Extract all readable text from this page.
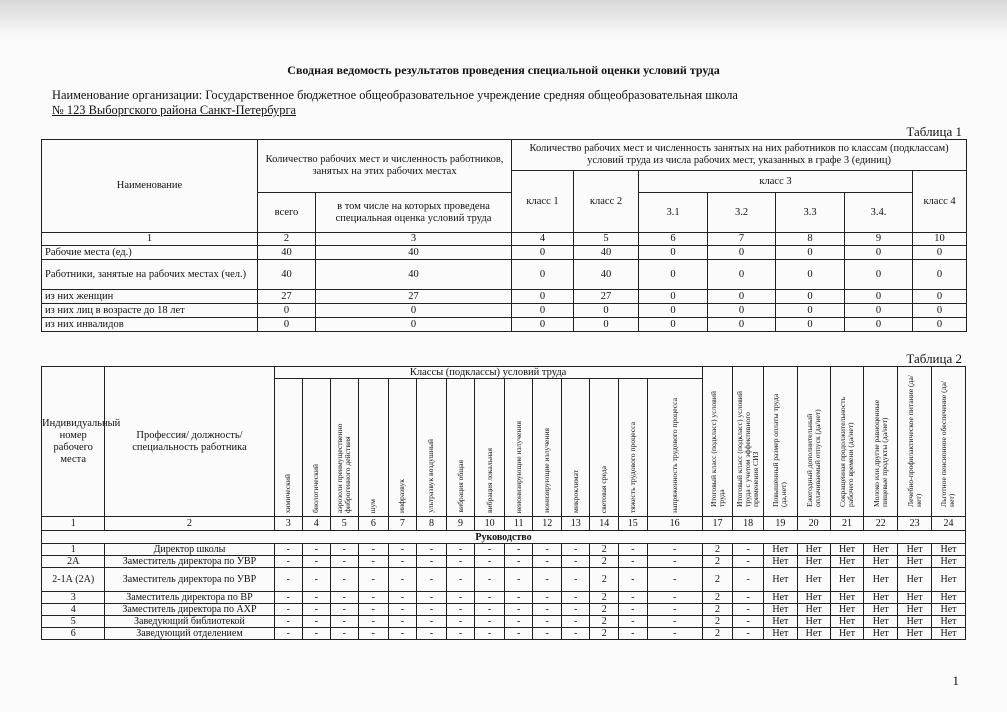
Сводная ведомость результатов проведения специальной оценки условий труда
Наименование организации: Государственное бюджетное общеобразовательное учреждение средняя общеобразовательная школа
№ 123 Выборгского района Санкт-Петербурга
Таблица 1
Наименование	Количество рабочих мест и численность работников, занятых на этих рабочих местах		Количество рабочих мест и численность занятых на них работников по классам (подклассам) условий труда из числа рабочих мест, указанных в графе 3 (единиц)						
			класс 1	класс 2	класс 3				класс 4
	всего	в том числе на которых проведена специальная оценка условий труда			3.1	3.2	3.3	3.4.	
1	2	3	4	5	6	7	8	9	10
Рабочие места (ед.)	40	40	0	40	0	0	0	0	0
Работники, занятые на рабочих местах (чел.)	40	40	0	40	0	0	0	0	0
из них женщин	27	27	0	27	0	0	0	0	0
из них лиц в возрасте до 18 лет	0	0	0	0	0	0	0	0	0
из них инвалидов	0	0	0	0	0	0	0	0	0
Таблица 2
Индивидуальный номер рабочего места	Профессия/ должность/ специальность работника	Классы (подклассы) условий труда														Итоговый класс (подкласс) условий труда	Итоговый класс (подкласс) условий труда с учетом эффективного применения СИЗ	Повышенный размер оплаты труда (да,нет)	Ежегодный дополнительный оплачиваемый отпуск (да/нет)	Сокращенная продолжительность рабочего времени (да/нет)	Молоко или другие равноценные пищевые продукты (да/нет)	Лечебно-профилактическое питание (да/нет)	Льготное пенсионное обеспечение (да/нет)
		химический	биологический	аэрозоли преимущественно фиброгенного действия	шум	инфразвук	ультразвук воздушный	вибрация общая	вибрация локальная	неионизирующие излучения	ионизирующие излучения	микроклимат	световая среда	тяжесть трудового процесса	напряженность трудового процесса								
1	2	3	4	5	6	7	8	9	10	11	12	13	14	15	16	17	18	19	20	21	22	23	24
Руководство																							
1	Директор школы	-	-	-	-	-	-	-	-	-	-	-	2	-	-	2	-	Нет	Нет	Нет	Нет	Нет	Нет
2А	Заместитель директора по УВР	-	-	-	-	-	-	-	-	-	-	-	2	-	-	2	-	Нет	Нет	Нет	Нет	Нет	Нет
2-1А (2А)	Заместитель директора по УВР	-	-	-	-	-	-	-	-	-	-	-	2	-	-	2	-	Нет	Нет	Нет	Нет	Нет	Нет
3	Заместитель директора по ВР	-	-	-	-	-	-	-	-	-	-	-	2	-	-	2	-	Нет	Нет	Нет	Нет	Нет	Нет
4	Заместитель директора по АХР	-	-	-	-	-	-	-	-	-	-	-	2	-	-	2	-	Нет	Нет	Нет	Нет	Нет	Нет
5	Заведующий библиотекой	-	-	-	-	-	-	-	-	-	-	-	2	-	-	2	-	Нет	Нет	Нет	Нет	Нет	Нет
6	Заведующий отделением	-	-	-	-	-	-	-	-	-	-	-	2	-	-	2	-	Нет	Нет	Нет	Нет	Нет	Нет
1
